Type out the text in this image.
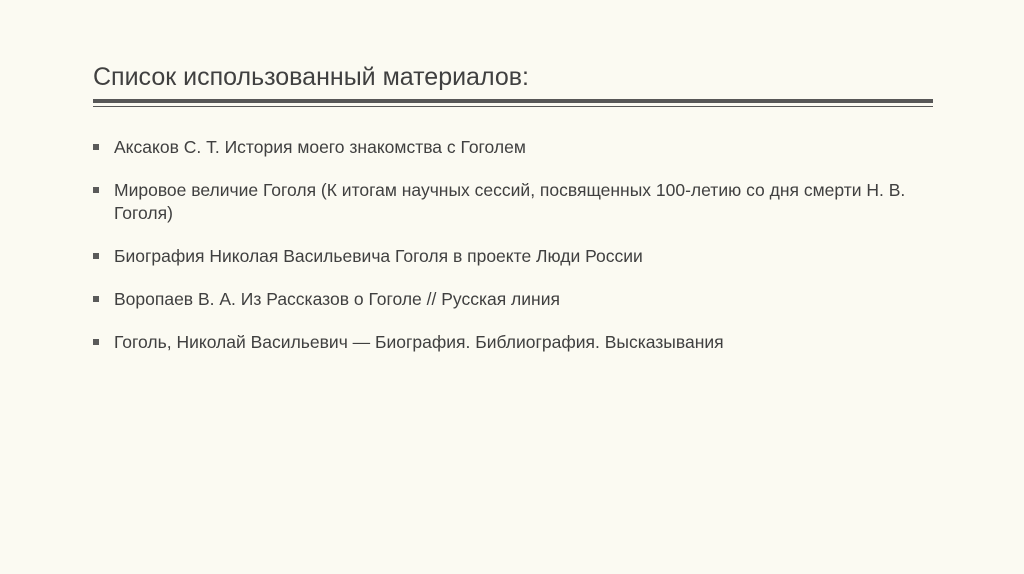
Список использованный материалов:
Аксаков С. Т. История моего знакомства с Гоголем
Мировое величие Гоголя (К итогам научных сессий, посвященных 100-летию со дня смерти Н. В. Гоголя)
Биография Николая Васильевича Гоголя в проекте Люди России
Воропаев В. А. Из Рассказов о Гоголе // Русская линия
Гоголь, Николай Васильевич — Биография. Библиография. Высказывания
